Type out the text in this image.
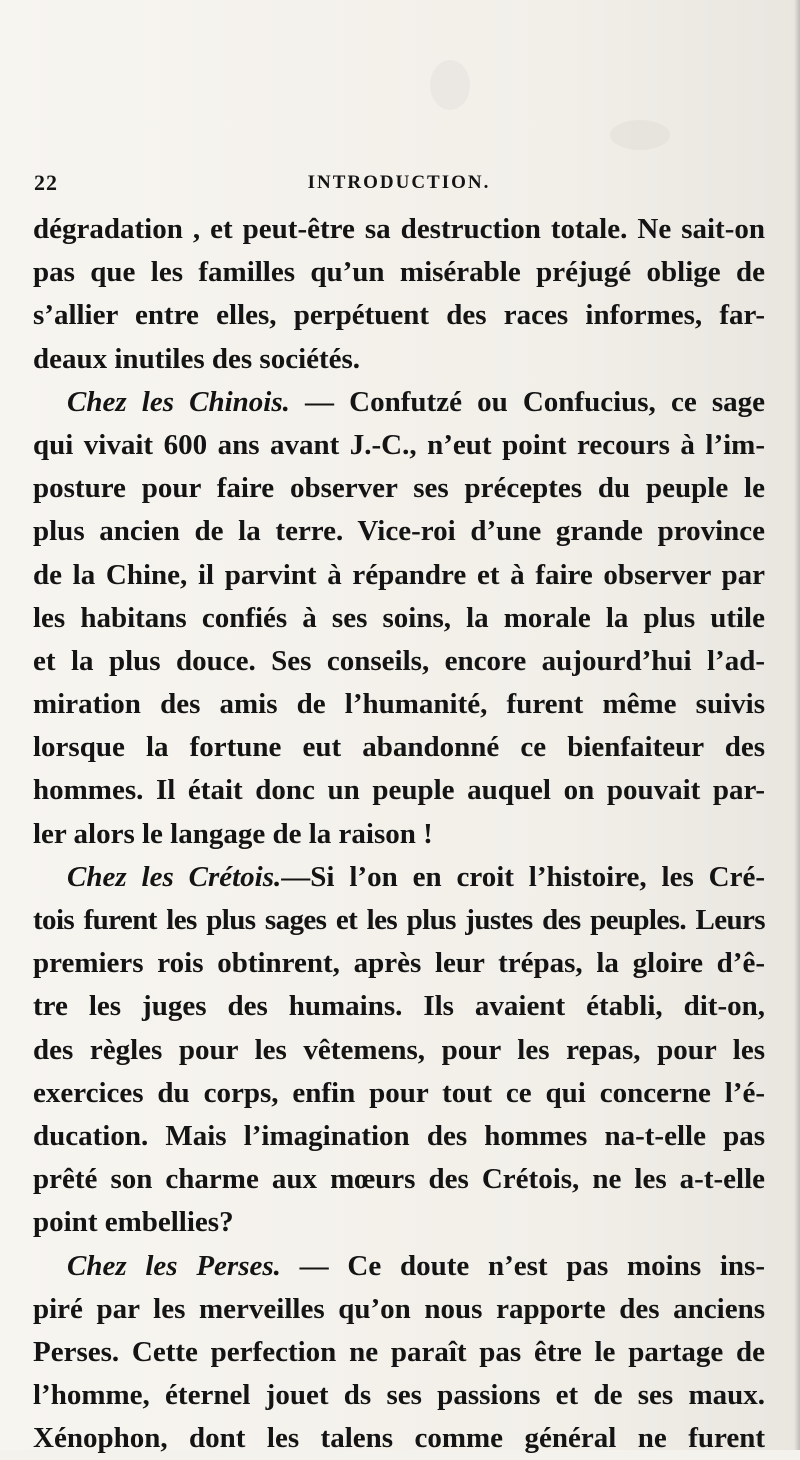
22	INTRODUCTION.
dégradation , et peut-être sa destruction totale. Ne sait-on
pas que les familles qu’un misérable préjugé oblige de
s’allier entre elles, perpétuent des races informes, far-
deaux inutiles des sociétés.
Chez les Chinois. — Confutzé ou Confucius, ce sage
qui vivait 600 ans avant J.-C., n’eut point recours à l’im-
posture pour faire observer ses préceptes du peuple le
plus ancien de la terre. Vice-roi d’une grande province
de la Chine, il parvint à répandre et à faire observer par
les habitans confiés à ses soins, la morale la plus utile
et la plus douce. Ses conseils, encore aujourd’hui l’ad-
miration des amis de l’humanité, furent même suivis
lorsque la fortune eut abandonné ce bienfaiteur des
hommes. Il était donc un peuple auquel on pouvait par-
ler alors le langage de la raison !
Chez les Crétois.—Si l’on en croit l’histoire, les Cré-
tois furent les plus sages et les plus justes des peuples. Leurs
premiers rois obtinrent, après leur trépas, la gloire d’ê-
tre les juges des humains. Ils avaient établi, dit-on,
des règles pour les vêtemens, pour les repas, pour les
exercices du corps, enfin pour tout ce qui concerne l’é-
ducation. Mais l’imagination des hommes na-t-elle pas
prêté son charme aux mœurs des Crétois, ne les a-t-elle
point embellies?
Chez les Perses. — Ce doute n’est pas moins ins-
piré par les merveilles qu’on nous rapporte des anciens
Perses. Cette perfection ne paraît pas être le partage de
l’homme, éternel jouet ds ses passions et de ses maux.
Xénophon, dont les talens comme général ne furent
